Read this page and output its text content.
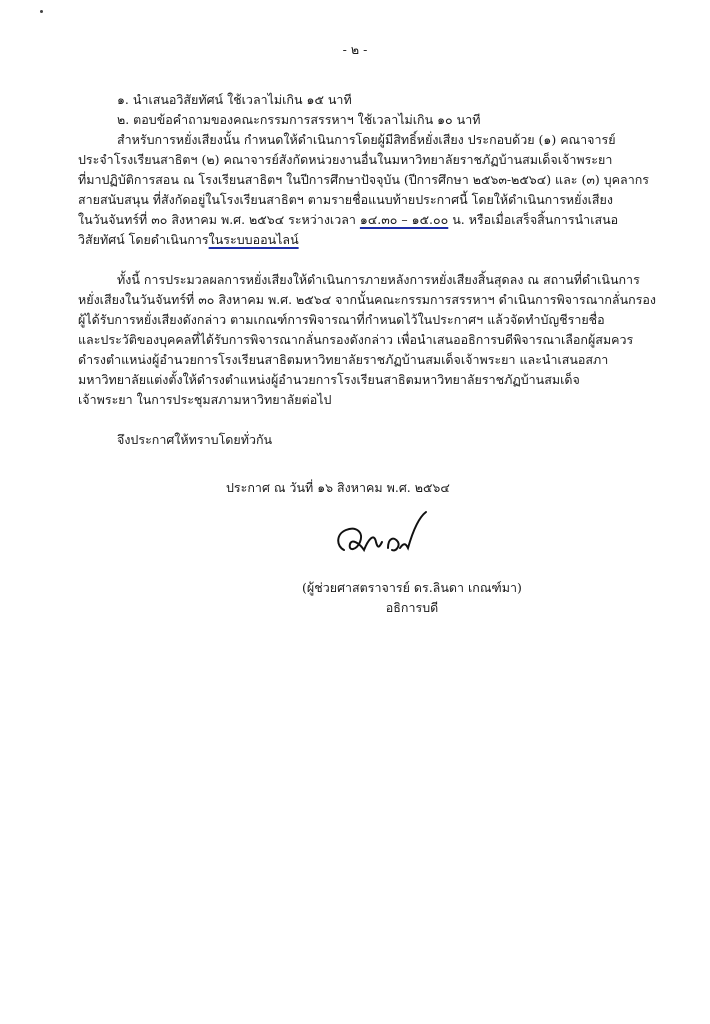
- ๒ -
๑. นำเสนอวิสัยทัศน์ ใช้เวลาไม่เกิน ๑๕ นาที
๒. ตอบข้อคำถามของคณะกรรมการสรรหาฯ ใช้เวลาไม่เกิน ๑๐ นาที
สำหรับการหยั่งเสียงนั้น กำหนดให้ดำเนินการโดยผู้มีสิทธิ์หยั่งเสียง ประกอบด้วย (๑) คณาจารย์
ประจำโรงเรียนสาธิตฯ (๒) คณาจารย์สังกัดหน่วยงานอื่นในมหาวิทยาลัยราชภัฏบ้านสมเด็จเจ้าพระยา
ที่มาปฏิบัติการสอน ณ โรงเรียนสาธิตฯ ในปีการศึกษาปัจจุบัน (ปีการศึกษา ๒๕๖๓-๒๕๖๔) และ (๓) บุคลากร
สายสนับสนุน ที่สังกัดอยู่ในโรงเรียนสาธิตฯ ตามรายชื่อแนบท้ายประกาศนี้ โดยให้ดำเนินการหยั่งเสียง
ในวันจันทร์ที่ ๓๐ สิงหาคม พ.ศ. ๒๕๖๔ ระหว่างเวลา ๑๔.๓๐ – ๑๕.๐๐ น. หรือเมื่อเสร็จสิ้นการนำเสนอ
วิสัยทัศน์ โดยดำเนินการในระบบออนไลน์
ทั้งนี้ การประมวลผลการหยั่งเสียงให้ดำเนินการภายหลังการหยั่งเสียงสิ้นสุดลง ณ สถานที่ดำเนินการ
หยั่งเสียงในวันจันทร์ที่ ๓๐ สิงหาคม พ.ศ. ๒๕๖๔ จากนั้นคณะกรรมการสรรหาฯ ดำเนินการพิจารณากลั่นกรอง
ผู้ได้รับการหยั่งเสียงดังกล่าว ตามเกณฑ์การพิจารณาที่กำหนดไว้ในประกาศฯ แล้วจัดทำบัญชีรายชื่อ
และประวัติของบุคคลที่ได้รับการพิจารณากลั่นกรองดังกล่าว เพื่อนำเสนออธิการบดีพิจารณาเลือกผู้สมควร
ดำรงตำแหน่งผู้อำนวยการโรงเรียนสาธิตมหาวิทยาลัยราชภัฏบ้านสมเด็จเจ้าพระยา และนำเสนอสภา
มหาวิทยาลัยแต่งตั้งให้ดำรงตำแหน่งผู้อำนวยการโรงเรียนสาธิตมหาวิทยาลัยราชภัฏบ้านสมเด็จ
เจ้าพระยา ในการประชุมสภามหาวิทยาลัยต่อไป
จึงประกาศให้ทราบโดยทั่วกัน
ประกาศ ณ วันที่ ๑๖ สิงหาคม พ.ศ. ๒๕๖๔
(ผู้ช่วยศาสตราจารย์ ดร.ลินดา เกณฑ์มา)
อธิการบดี
